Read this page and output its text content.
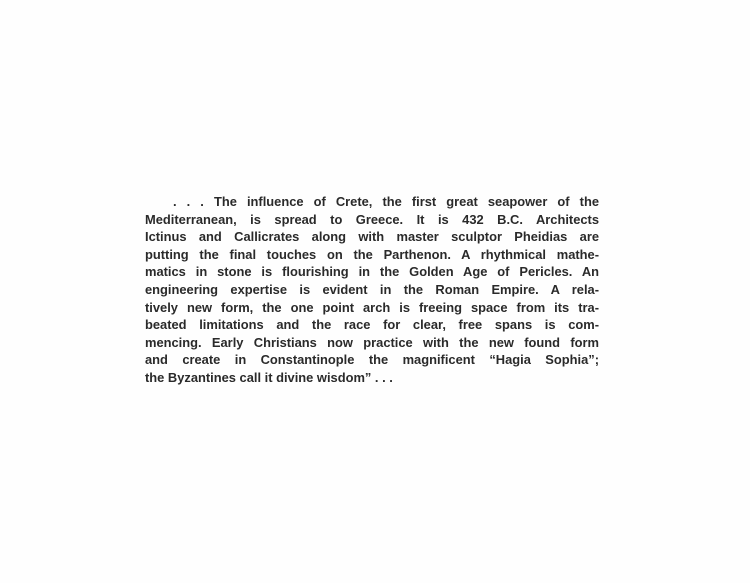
. . . The influence of Crete, the first great seapower of the
Mediterranean, is spread to Greece. It is 432 B.C. Architects
Ictinus and Callicrates along with master sculptor Pheidias are
putting the final touches on the Parthenon. A rhythmical mathe-
matics in stone is flourishing in the Golden Age of Pericles. An
engineering expertise is evident in the Roman Empire. A rela-
tively new form, the one point arch is freeing space from its tra-
beated limitations and the race for clear, free spans is com-
mencing. Early Christians now practice with the new found form
and create in Constantinople the magnificent “Hagia Sophia”;
the Byzantines call it divine wisdom” . . .
